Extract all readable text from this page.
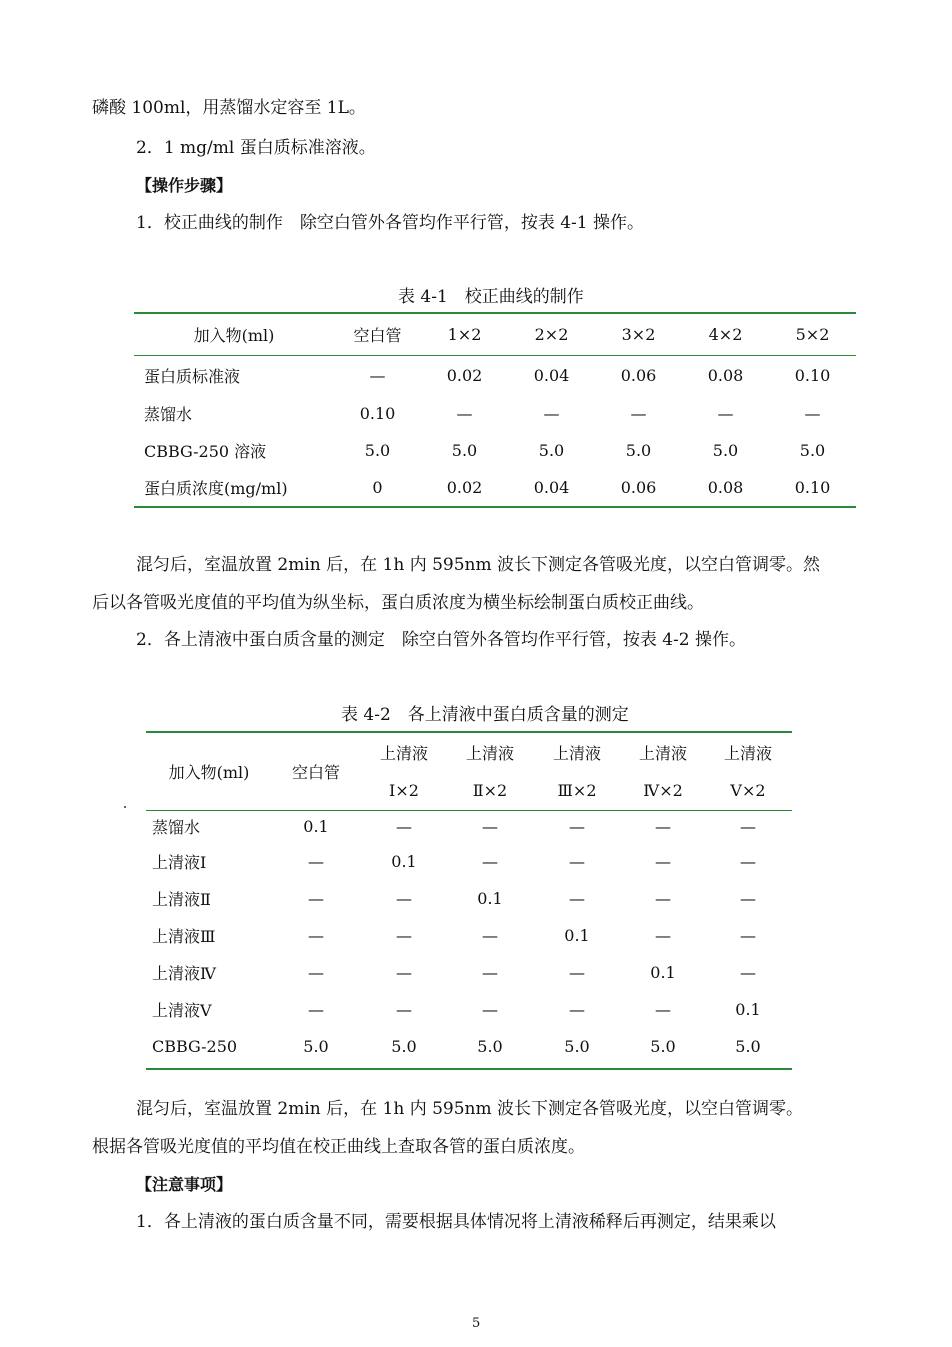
磷酸 100ml，用蒸馏水定容至 1L。
2．1 mg/ml 蛋白质标准溶液。
【操作步骤】
1．校正曲线的制作　除空白管外各管均作平行管，按表 4-1 操作。
表 4-1　校正曲线的制作
加入物(ml)	空白管	1×2	2×2	3×2	4×2	5×2
蛋白质标准液	—	0.02	0.04	0.06	0.08	0.10
蒸馏水	0.10	—	—	—	—	—
CBBG-250 溶液	5.0	5.0	5.0	5.0	5.0	5.0
蛋白质浓度(mg/ml)	0	0.02	0.04	0.06	0.08	0.10
混匀后，室温放置 2min 后，在 1h 内 595nm 波长下测定各管吸光度，以空白管调零。然
后以各管吸光度值的平均值为纵坐标，蛋白质浓度为横坐标绘制蛋白质校正曲线。
2．各上清液中蛋白质含量的测定　除空白管外各管均作平行管，按表 4-2 操作。
表 4-2　各上清液中蛋白质含量的测定
加入物(ml)	空白管	上清液	上清液	上清液	上清液	上清液
		Ⅰ×2	Ⅱ×2	Ⅲ×2	Ⅳ×2	Ⅴ×2
蒸馏水	0.1	—	—	—	—	—
上清液Ⅰ	—	0.1	—	—	—	—
上清液Ⅱ	—	—	0.1	—	—	—
上清液Ⅲ	—	—	—	0.1	—	—
上清液Ⅳ	—	—	—	—	0.1	—
上清液Ⅴ	—	—	—	—	—	0.1
CBBG-250	5.0	5.0	5.0	5.0	5.0	5.0
混匀后，室温放置 2min 后，在 1h 内 595nm 波长下测定各管吸光度，以空白管调零。
根据各管吸光度值的平均值在校正曲线上查取各管的蛋白质浓度。
【注意事项】
1．各上清液的蛋白质含量不同，需要根据具体情况将上清液稀释后再测定，结果乘以
5
